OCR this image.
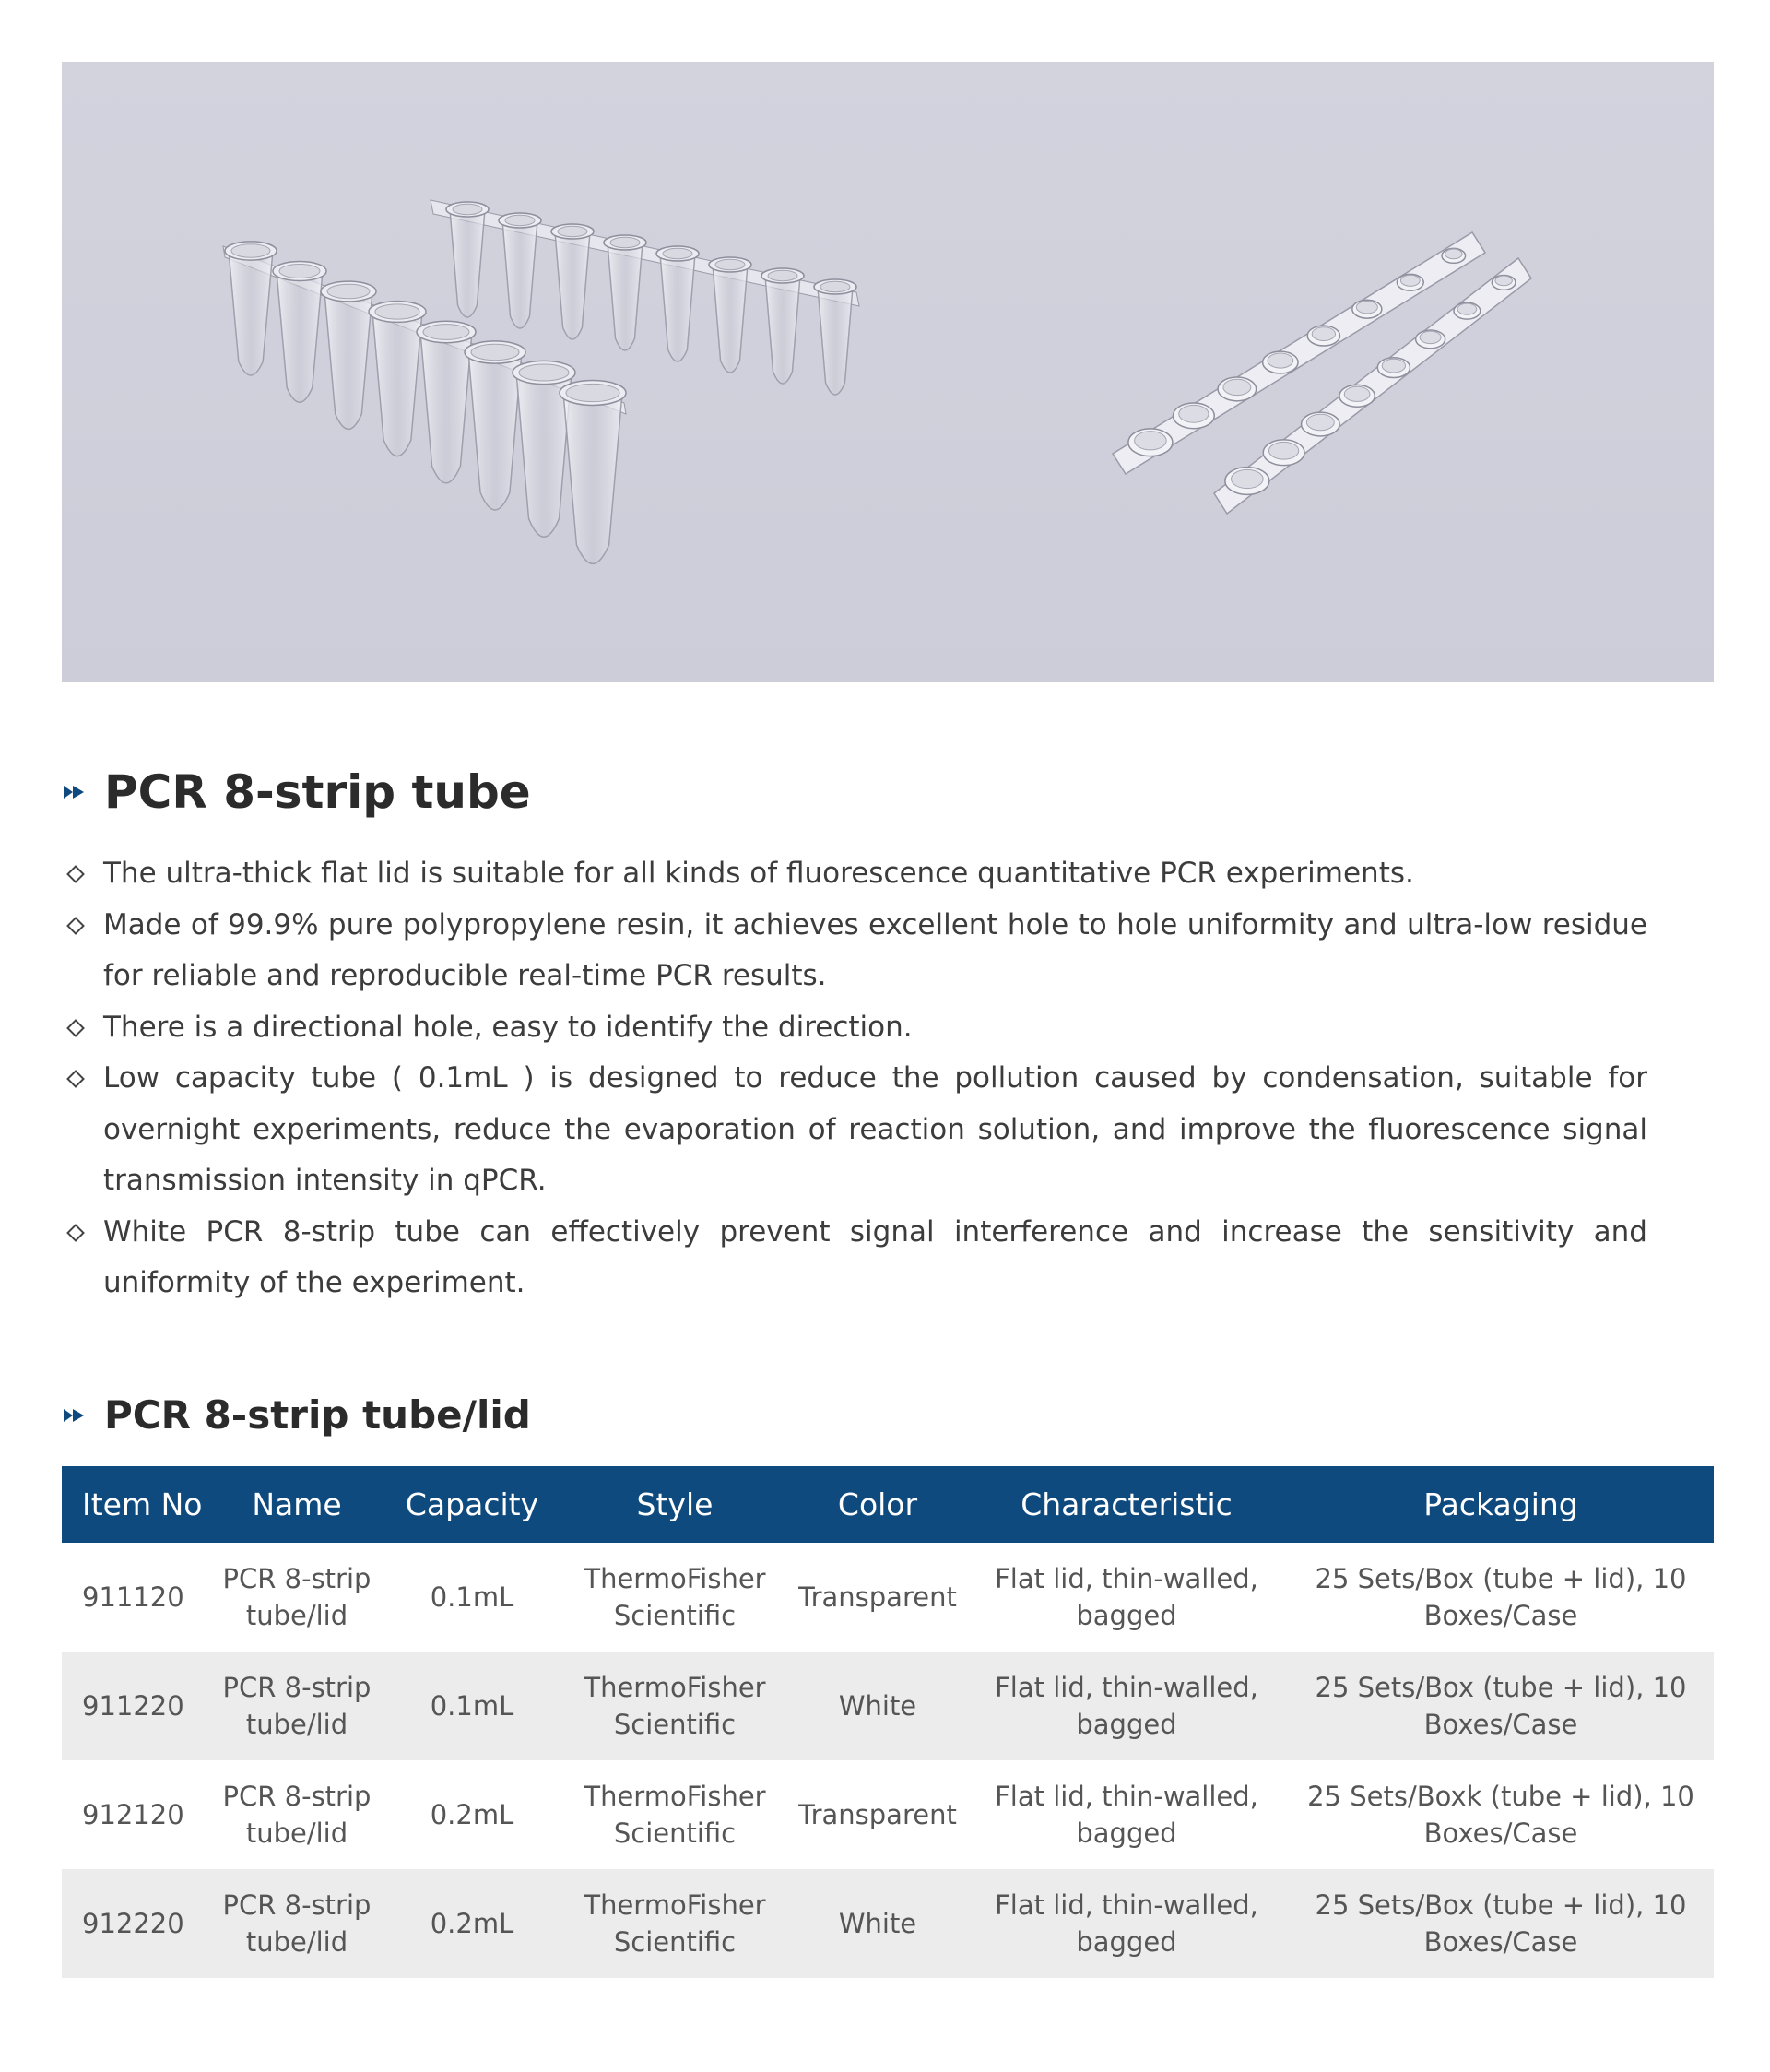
PCR 8-strip tube
The ultra-thick flat lid is suitable for all kinds of fluorescence quantitative PCR experiments.
Made of 99.9% pure polypropylene resin, it achieves excellent hole to hole uniformity and ultra-low residue for reliable and reproducible real-time PCR results.
There is a directional hole, easy to identify the direction.
Low capacity tube ( 0.1mL ) is designed to reduce the pollution caused by condensation, suitable for overnight experiments, reduce the evaporation of reaction solution, and improve the fluorescence signal transmission intensity in qPCR.
White PCR 8-strip tube can effectively prevent signal interference and increase the sensitivity and uniformity of the experiment.
PCR 8-strip tube/lid
Item No	Name	Capacity	Style	Color	Characteristic	Packaging
911120	PCR 8-strip tube/lid	0.1mL	ThermoFisher Scientific	Transparent	Flat lid, thin-walled, bagged	25 Sets/Box (tube + lid), 10 Boxes/Case
911220	PCR 8-strip tube/lid	0.1mL	ThermoFisher Scientific	White	Flat lid, thin-walled, bagged	25 Sets/Box (tube + lid), 10 Boxes/Case
912120	PCR 8-strip tube/lid	0.2mL	ThermoFisher Scientific	Transparent	Flat lid, thin-walled, bagged	25 Sets/Boxk (tube + lid), 10 Boxes/Case
912220	PCR 8-strip tube/lid	0.2mL	ThermoFisher Scientific	White	Flat lid, thin-walled, bagged	25 Sets/Box (tube + lid), 10 Boxes/Case
